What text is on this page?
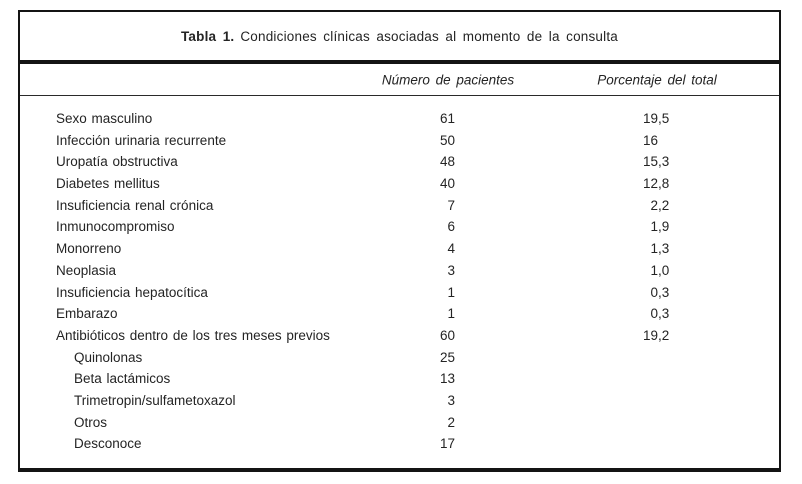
Tabla 1. Condiciones clínicas asociadas al momento de la consulta
Número de pacientes	Porcentaje del total
Sexo masculino	61	19 ,5
Infección urinaria recurrente	50	16
Uropatía obstructiva	48	15 ,3
Diabetes mellitus	40	12 ,8
Insuficiencia renal crónica	7	2 ,2
Inmunocompromiso	6	1 ,9
Monorreno	4	1 ,3
Neoplasia	3	1 ,0
Insuficiencia hepatocítica	1	0 ,3
Embarazo	1	0 ,3
Antibióticos dentro de los tres meses previos	60	19 ,2
Quinolonas	25
Beta lactámicos	13
Trimetropin/sulfametoxazol	3
Otros	2
Desconoce	17
